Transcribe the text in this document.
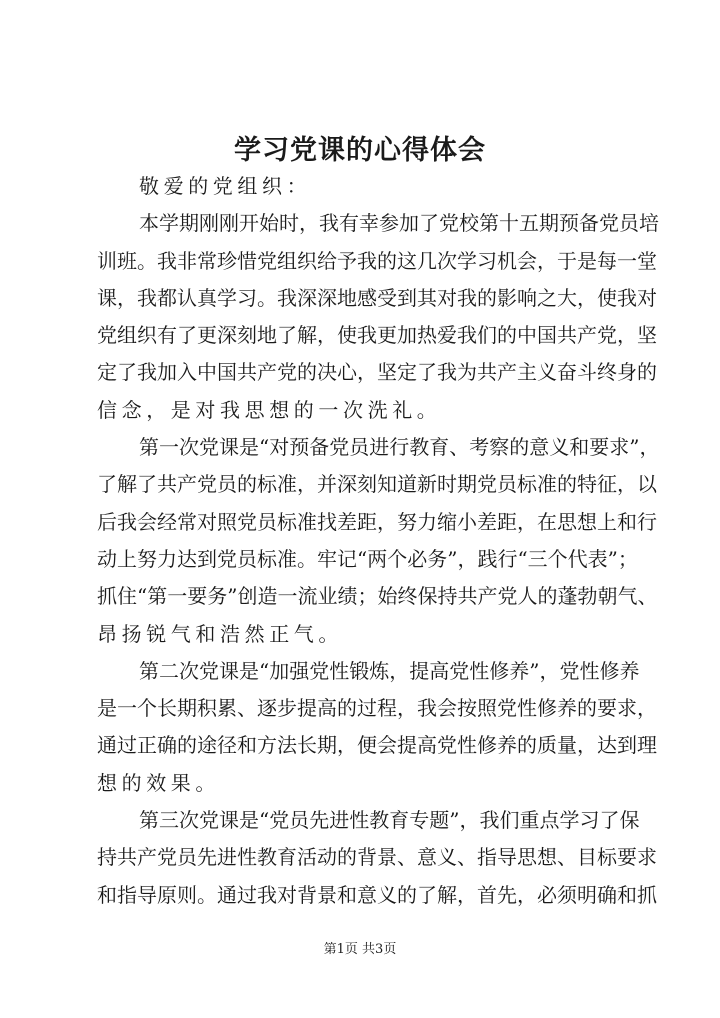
学习党课的心得体会
敬爱的党组织：
本学期刚刚开始时，我有幸参加了党校第十五期预备党员培
训班。我非常珍惜党组织给予我的这几次学习机会，于是每一堂
课，我都认真学习。我深深地感受到其对我的影响之大，使我对
党组织有了更深刻地了解，使我更加热爱我们的中国共产党，坚
定了我加入中国共产党的决心，坚定了我为共产主义奋斗终身的
信念，是对我思想的一次洗礼。
第一次党课是“对预备党员进行教育、考察的意义和要求”，
了解了共产党员的标准，并深刻知道新时期党员标准的特征，以
后我会经常对照党员标准找差距，努力缩小差距，在思想上和行
动上努力达到党员标准。牢记“两个必务”，践行“三个代表”；
抓住“第一要务”创造一流业绩；始终保持共产党人的蓬勃朝气、
昂扬锐气和浩然正气。
第二次党课是“加强党性锻炼，提高党性修养”，党性修养
是一个长期积累、逐步提高的过程，我会按照党性修养的要求，
通过正确的途径和方法长期，便会提高党性修养的质量，达到理
想的效果。
第三次党课是“党员先进性教育专题”，我们重点学习了保
持共产党员先进性教育活动的背景、意义、指导思想、目标要求
和指导原则。通过我对背景和意义的了解，首先，必须明确和抓
第1页 共3页
